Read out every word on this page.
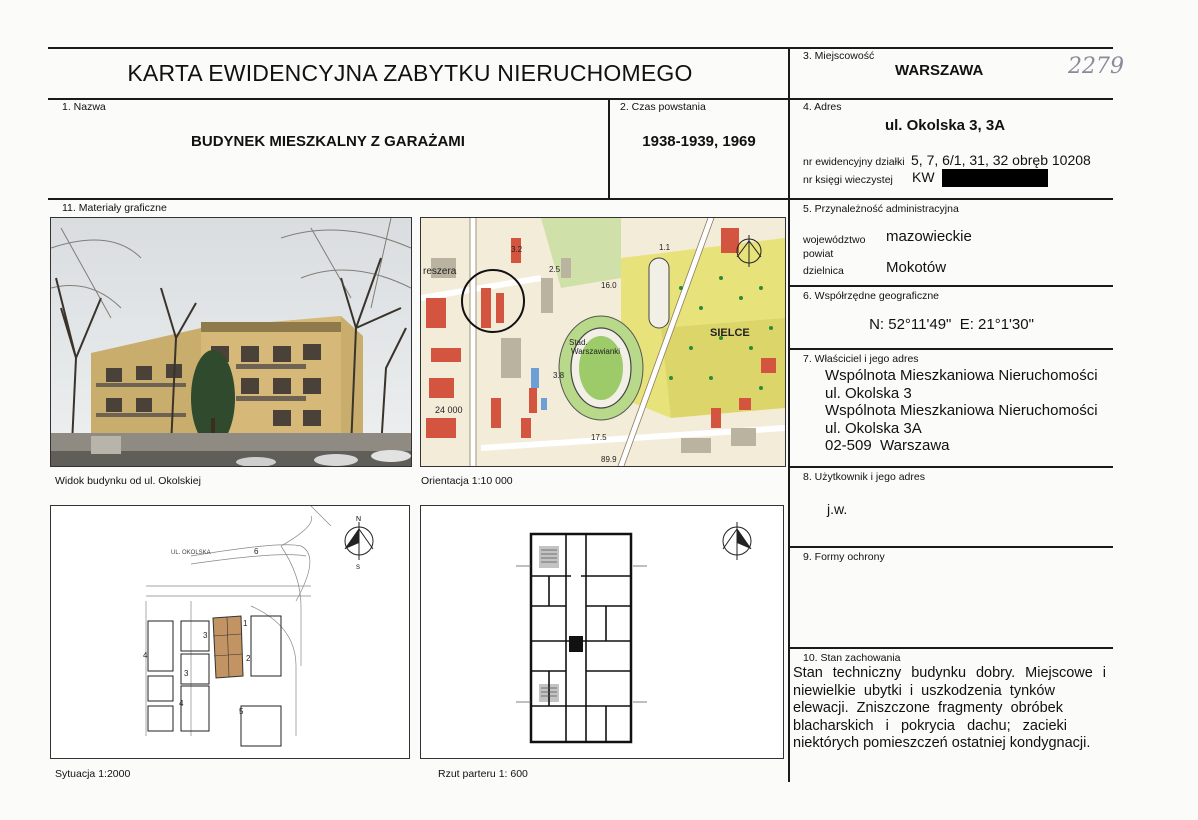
KARTA EWIDENCYJNA ZABYTKU NIERUCHOMEGO
3. Miejscowość
WARSZAWA	2279
1. Nazwa
BUDYNEK MIESZKALNY Z GARAŻAMI
2. Czas powstania
1938-1939, 1969
4. Adres
ul. Okolska 3, 3A
nr ewidencyjny działki 5, 7, 6/1, 31, 32 obręb 10208
nr księgi wieczystej KW
5. Przynależność administracyjna
województwo mazowieckie
powiat
dzielnica	Mokotów
6. Współrzędne geograficzne
N: 52°11'49"  E: 21°1'30"
7. Właściciel i jego adres
Wspólnota Mieszkaniowa Nieruchomości
ul. Okolska 3
Wspólnota Mieszkaniowa Nieruchomości
ul. Okolska 3A
02-509  Warszawa
8. Użytkownik i jego adres
j.w.
9. Formy ochrony
10. Stan zachowania
Stan techniczny budynku dobry. Miejscowe i
niewielkie  ubytki  i  uszkodzenia  tynków
elewacji.  Zniszczone  fragmenty  obróbek
blacharskich   i   pokrycia   dachu;   zacieki
niektórych pomieszczeń ostatniej kondygnacji.
11. Materiały graficzne
Widok budynku od ul. Okolskiej
Stad.
Warszawianki
SIELCE
reszera
24 000
3.2
2.5
16.0
3.8
17.5
89.9
1.1
Orientacja 1:10 000
UL. OKOLSKA	6
1
2
3
3
4
4
5
N
S
Sytuacja 1:2000	Rzut parteru 1: 600
